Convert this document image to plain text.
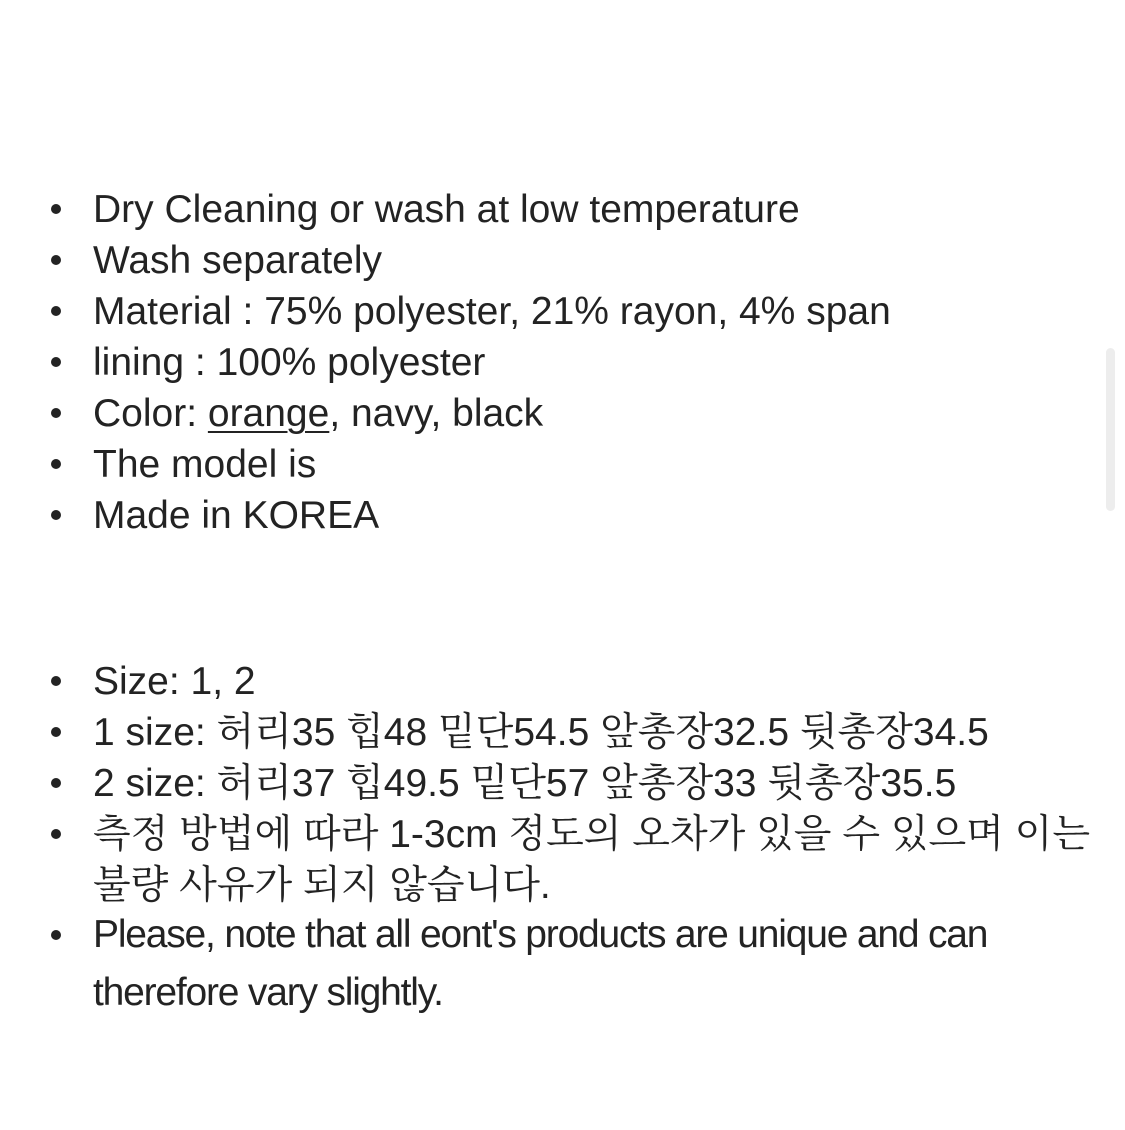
Dry Cleaning or wash at low temperature
Wash separately
Material : 75% polyester, 21% rayon, 4% span
lining : 100% polyester
Color: orange, navy, black
The model is
Made in KOREA
Size: 1, 2
1 size: 허리35 힙48 밑단54.5 앞총장32.5 뒷총장34.5
2 size: 허리37 힙49.5 밑단57 앞총장33 뒷총장35.5
측정 방법에 따라 1-3cm 정도의 오차가 있을 수 있으며 이는 불량 사유가 되지 않습니다.
Please, note that all eont's products are unique and can therefore vary slightly.
